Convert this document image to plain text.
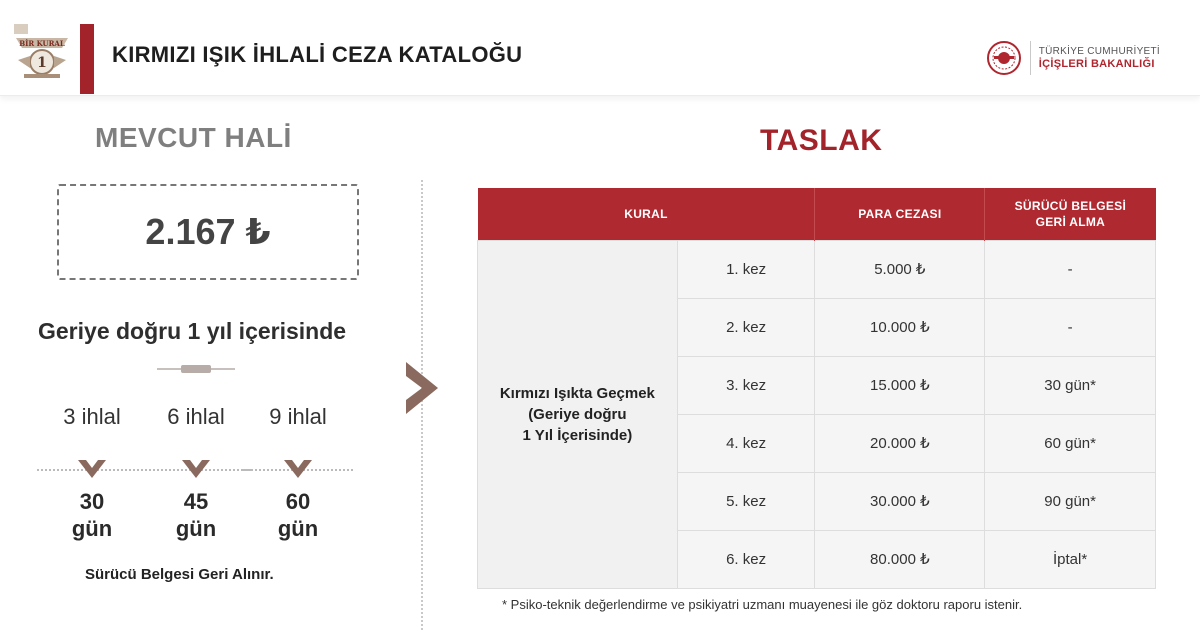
BİR KURAL
1	KIRMIZI IŞIK İHLALİ CEZA KATALOĞU	TÜRKİYE CUMHURİYETİ
İÇİŞLERİ BAKANLIĞI
MEVCUT HALİ
2.167 ₺
Geriye doğru 1 yıl içerisinde
3 ihlal
30
gün
6 ihlal
45
gün
9 ihlal
60
gün
Sürücü Belgesi Geri Alınır.
TASLAK
KURAL		PARA CEZASI	SÜRÜCÜ BELGESİ
GERİ ALMA
Kırmızı Işıkta Geçmek
(Geriye doğru
1 Yıl İçerisinde)	1. kez	5.000 ₺	-
	2. kez	10.000 ₺	-
	3. kez	15.000 ₺	30 gün*
	4. kez	20.000 ₺	60 gün*
	5. kez	30.000 ₺	90 gün*
	6. kez	80.000 ₺	İptal*
* Psiko-teknik değerlendirme ve psikiyatri uzmanı muayenesi ile göz doktoru raporu istenir.
